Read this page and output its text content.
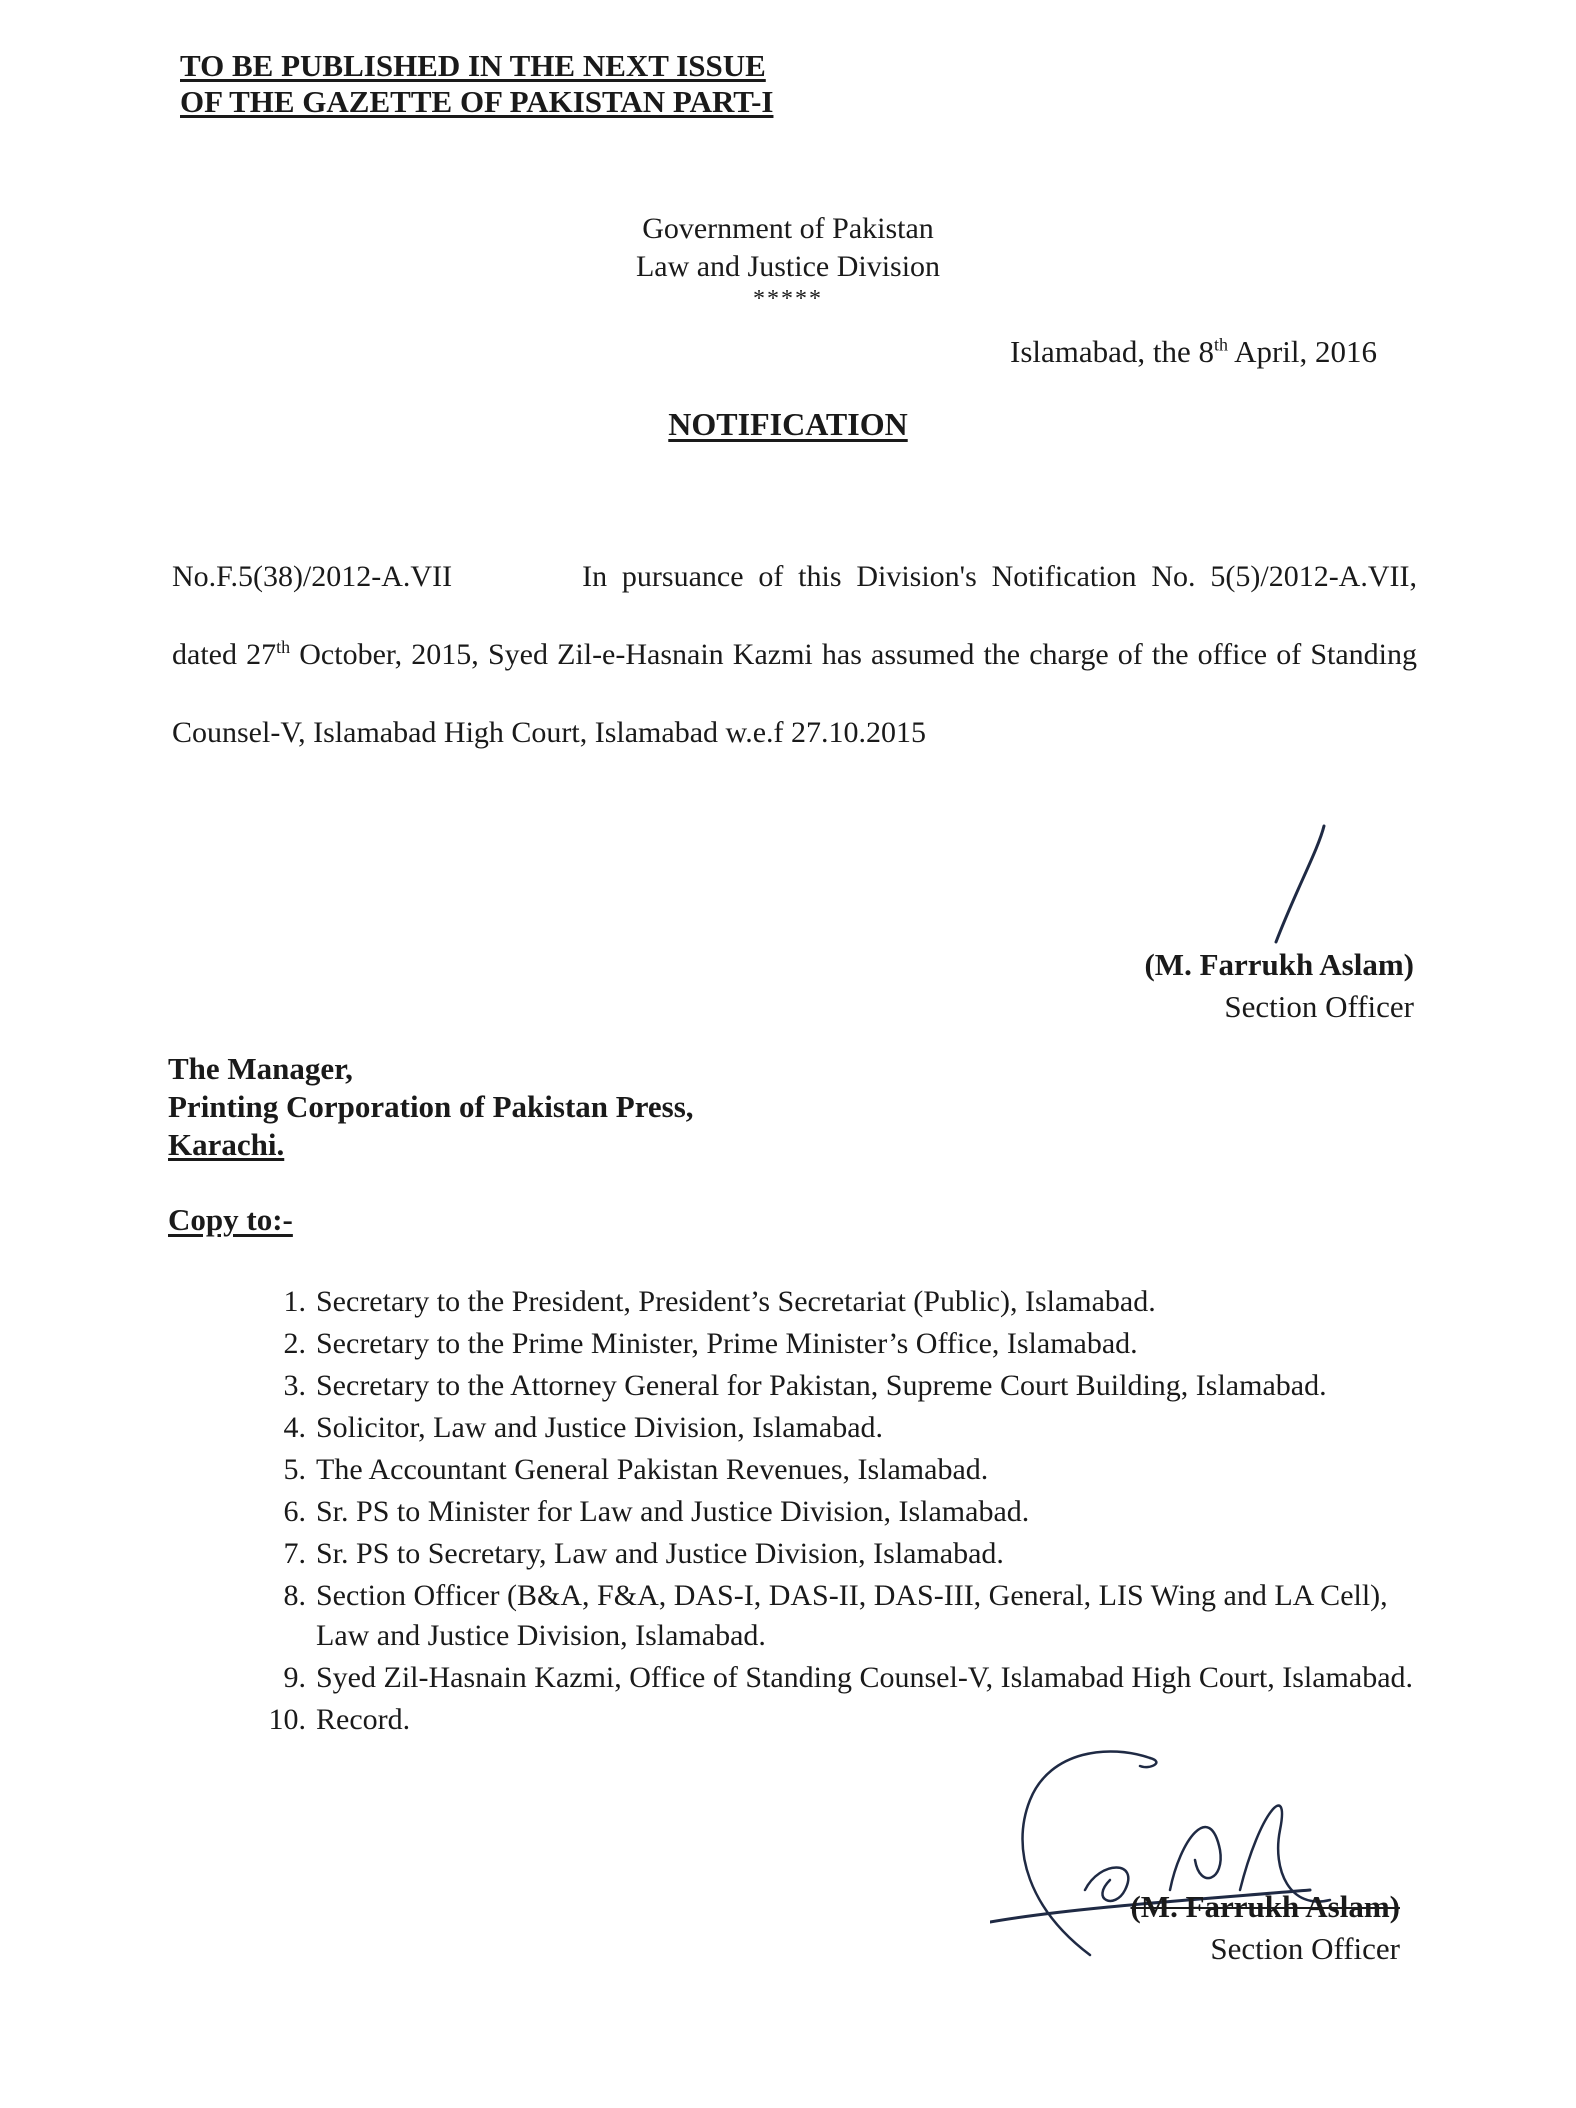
TO BE PUBLISHED IN THE NEXT ISSUE
OF THE GAZETTE OF PAKISTAN PART-I
Government of Pakistan
Law and Justice Division
*****
Islamabad, the 8th April, 2016
NOTIFICATION
No.F.5(38)/2012-A.VII	In pursuance of this Division's Notification No. 5(5)/2012-A.VII, dated 27th October, 2015, Syed Zil-e-Hasnain Kazmi has assumed the charge of the office of Standing Counsel-V, Islamabad High Court, Islamabad w.e.f 27.10.2015
(M. Farrukh Aslam)
Section Officer
The Manager,
Printing Corporation of Pakistan Press,
Karachi.
Copy to:-
1. Secretary to the President, President’s Secretariat (Public), Islamabad.
2. Secretary to the Prime Minister, Prime Minister’s Office, Islamabad.
3. Secretary to the Attorney General for Pakistan, Supreme Court Building, Islamabad.
4. Solicitor, Law and Justice Division, Islamabad.
5. The Accountant General Pakistan Revenues, Islamabad.
6. Sr. PS to Minister for Law and Justice Division, Islamabad.
7. Sr. PS to Secretary, Law and Justice Division, Islamabad.
8. Section Officer (B&A, F&A, DAS-I, DAS-II, DAS-III, General, LIS Wing and LA Cell), Law and Justice Division, Islamabad.
9. Syed Zil-Hasnain Kazmi, Office of Standing Counsel-V, Islamabad High Court, Islamabad.
10. Record.
(M. Farrukh Aslam)
Section Officer
